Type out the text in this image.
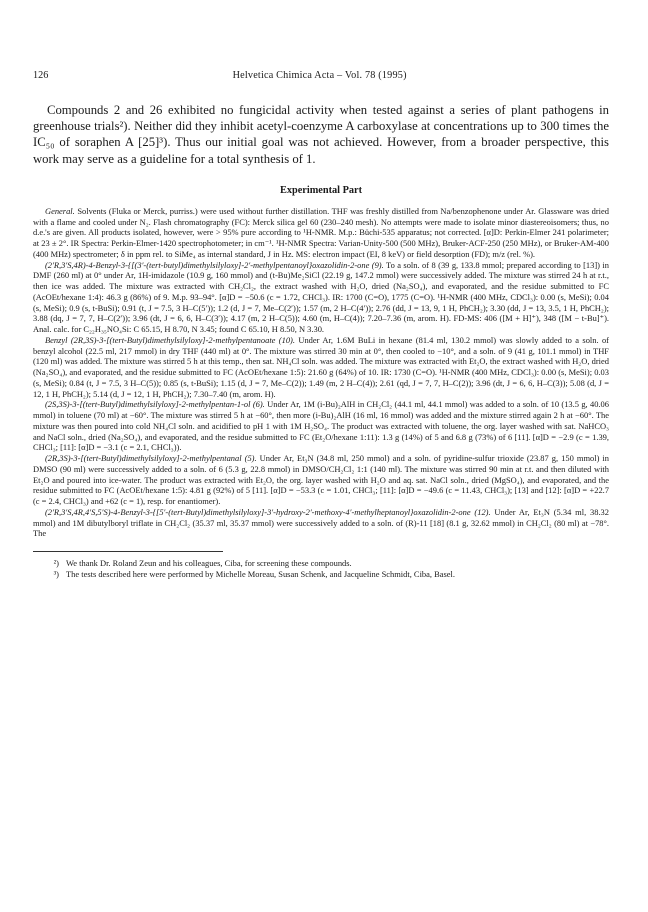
126	Helvetica Chimica Acta – Vol. 78 (1995)
Compounds 2 and 26 exhibited no fungicidal activity when tested against a series of plant pathogens in greenhouse trials²). Neither did they inhibit acetyl-coenzyme A carboxylase at concentrations up to 300 times the IC₅₀ of soraphen A [25]³). Thus our initial goal was not achieved. However, from a broader perspective, this work may serve as a guideline for a total synthesis of 1.
Experimental Part

General. Solvents (Fluka or Merck, purriss.) were used without further distillation. THF was freshly distilled from Na/benzophenone under Ar. Glassware was dried with a flame and cooled under N₂. Flash chromatography (FC): Merck silica gel 60 (230–240 mesh). No attempts were made to isolate minor diastereoisomers; thus, no d.e.'s are given. All products isolated, however, were > 95% pure according to ¹H-NMR. M.p.: Büchi-535 apparatus; not corrected. [α]D: Perkin-Elmer 241 polarimeter; at 23 ± 2°. IR Spectra: Perkin-Elmer-1420 spectrophotometer; in cm⁻¹. ¹H-NMR Spectra: Varian-Unity-500 (500 MHz), Bruker-ACF-250 (250 MHz), or Bruker-AM-400 (400 MHz) spectrometer; δ in ppm rel. to SiMe₄ as internal standard, J in Hz. MS: electron impact (EI, 8 keV) or field desorption (FD); m/z (rel. %).

(2′R,3′S,4R)-4-Benzyl-3-{[(3′-(tert-butyl)dimethylsilyloxy]-2′-methylpentanoyl}oxazolidin-2-one (9). To a soln. of 8 (39 g, 133.8 mmol; prepared according to [13]) in DMF (260 ml) at 0° under Ar, 1H-imidazole (10.9 g, 160 mmol) and (t-Bu)Me₂SiCl (22.19 g, 147.2 mmol) were successively added. The mixture was stirred 24 h at r.t., then ice was added. The mixture was extracted with CH₂Cl₂, the extract washed with H₂O, dried (Na₂SO₄), and evaporated, and the residue submitted to FC (AcOEt/hexane 1:4): 46.3 g (86%) of 9. M.p. 93–94°. [α]D = −50.6 (c = 1.72, CHCl₃). IR: 1700 (C=O), 1775 (C=O). ¹H-NMR (400 MHz, CDCl₃): 0.00 (s, MeSi); 0.04 (s, MeSi); 0.9 (s, t-BuSi); 0.91 (t, J = 7.5, 3 H–C(5′)); 1.2 (d, J = 7, Me–C(2′)); 1.57 (m, 2 H–C(4′)); 2.76 (dd, J = 13, 9, 1 H, PhCH₂); 3.30 (dd, J = 13, 3.5, 1 H, PhCH₂); 3.88 (dq, J = 7, 7, H–C(2′)); 3.96 (dt, J = 6, 6, H–C(3′)); 4.17 (m, 2 H–C(5)); 4.60 (m, H–C(4)); 7.20–7.36 (m, arom. H). FD-MS: 406 ([M + H]⁺), 348 ([M − t-Bu]⁺). Anal. calc. for C₂₂H₃₅NO₄Si: C 65.15, H 8.70, N 3.45; found C 65.10, H 8.50, N 3.30.

Benzyl (2R,3S)-3-[(tert-Butyl)dimethylsilyloxy]-2-methylpentanoate (10). Under Ar, 1.6M BuLi in hexane (81.4 ml, 130.2 mmol) was slowly added to a soln. of benzyl alcohol (22.5 ml, 217 mmol) in dry THF (440 ml) at 0°. The mixture was stirred 30 min at 0°, then cooled to −10°, and a soln. of 9 (41 g, 101.1 mmol) in THF (120 ml) was added. The mixture was stirred 5 h at this temp., then sat. NH₄Cl soln. was added. The mixture was extracted with Et₂O, the extract washed with H₂O, dried (Na₂SO₄), and evaporated, and the residue submitted to FC (AcOEt/hexane 1:5): 21.60 g (64%) of 10. IR: 1730 (C=O). ¹H-NMR (400 MHz, CDCl₃): 0.00 (s, MeSi); 0.03 (s, MeSi); 0.84 (t, J = 7.5, 3 H–C(5)); 0.85 (s, t-BuSi); 1.15 (d, J = 7, Me–C(2)); 1.49 (m, 2 H–C(4)); 2.61 (qd, J = 7, 7, H–C(2)); 3.96 (dt, J = 6, 6, H–C(3)); 5.08 (d, J = 12, 1 H, PhCH₂); 5.14 (d, J = 12, 1 H, PhCH₂); 7.30–7.40 (m, arom. H).

(2S,3S)-3-[(tert-Butyl)dimethylsilyloxy]-2-methylpentan-1-ol (6). Under Ar, 1M (i-Bu)₂AlH in CH₂Cl₂ (44.1 ml, 44.1 mmol) was added to a soln. of 10 (13.5 g, 40.06 mmol) in toluene (70 ml) at −60°. The mixture was stirred 5 h at −60°, then more (i-Bu)₂AlH (16 ml, 16 mmol) was added and the mixture stirred again 2 h at −60°. The mixture was then poured into cold NH₄Cl soln. and acidified to pH 1 with 1M H₂SO₄. The product was extracted with toluene, the org. layer washed with sat. NaHCO₃ and NaCl soln., dried (Na₂SO₄), and evaporated, and the residue submitted to FC (Et₂O/hexane 1:11): 1.3 g (14%) of 5 and 6.8 g (73%) of 6 [11]. [α]D = −2.9 (c = 1.39, CHCl₃; [11]: [α]D = −3.1 (c = 2.1, CHCl₃)).

(2R,3S)-3-[(tert-Butyl)dimethylsilyloxy]-2-methylpentanal (5). Under Ar, Et₃N (34.8 ml, 250 mmol) and a soln. of pyridine-sulfur trioxide (23.87 g, 150 mmol) in DMSO (90 ml) were successively added to a soln. of 6 (5.3 g, 22.8 mmol) in DMSO/CH₂Cl₂ 1:1 (140 ml). The mixture was stirred 90 min at r.t. and then diluted with Et₂O and poured into ice-water. The product was extracted with Et₂O, the org. layer washed with H₂O and aq. sat. NaCl soln., dried (MgSO₄), and evaporated, and the residue submitted to FC (AcOEt/hexane 1:5): 4.81 g (92%) of 5 [11]. [α]D = −53.3 (c = 1.01, CHCl₃; [11]: [α]D = −49.6 (c = 11.43, CHCl₃); [13] and [12]: [α]D = +22.7 (c = 2.4, CHCl₃) and +62 (c = 1), resp. for enantiomer).

(2′R,3′S,4R,4′S,5′S)-4-Benzyl-3-{[5′-(tert-Butyl)dimethylsilyloxy]-3′-hydroxy-2′-methoxy-4′-methylheptanoyl}oxazolidin-2-one (12). Under Ar, Et₃N (5.34 ml, 38.32 mmol) and 1M dibutylboryl triflate in CH₂Cl₂ (35.37 ml, 35.37 mmol) were successively added to a soln. of (R)-11 [18] (8.1 g, 32.62 mmol) in CH₂Cl₂ (80 ml) at −78°. The

²) We thank Dr. Roland Zeun and his colleagues, Ciba, for screening these compounds.
³) The tests described here were performed by Michelle Moreau, Susan Schenk, and Jacqueline Schmidt, Ciba, Basel.
